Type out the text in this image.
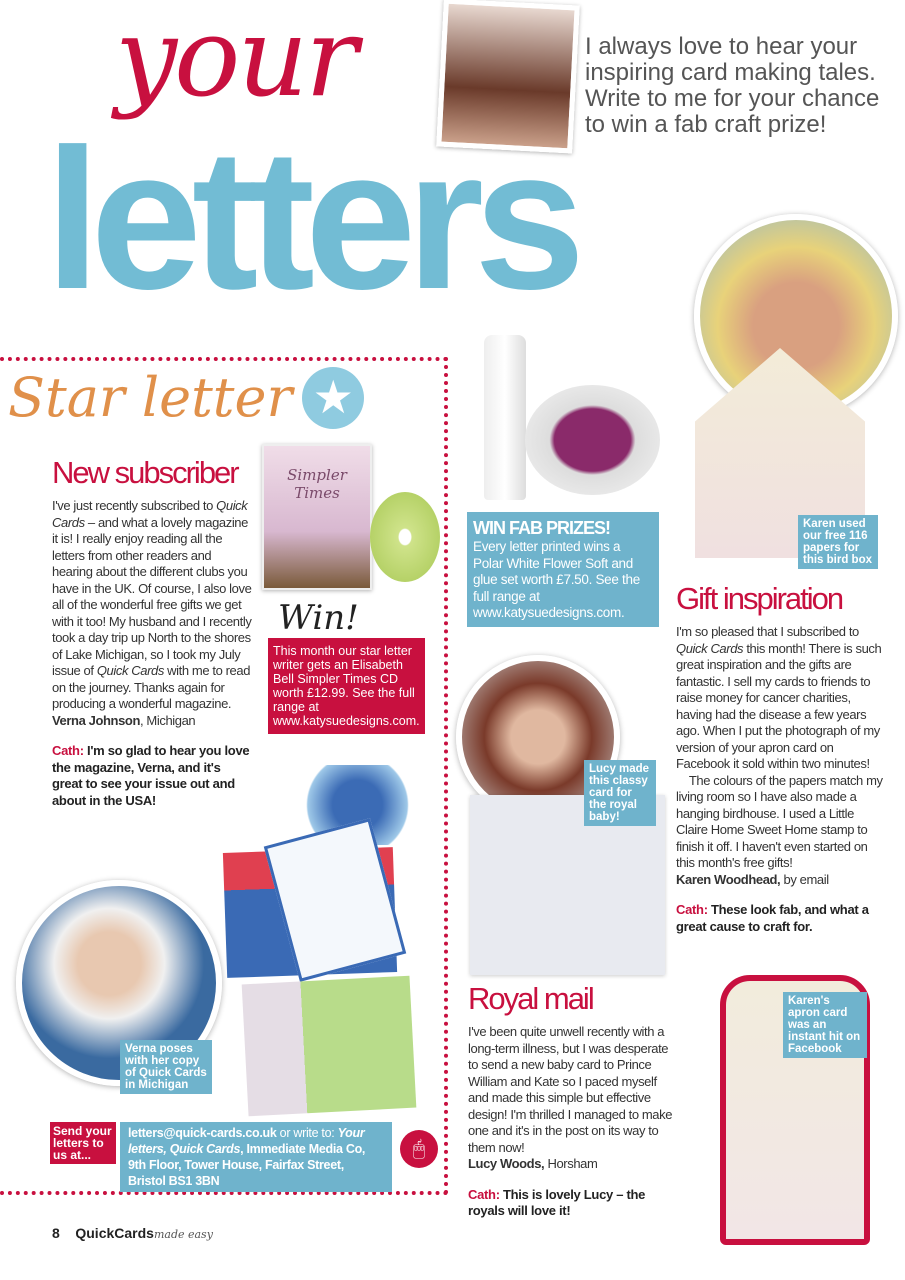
letters
your	I always love to hear your inspiring card making tales. Write to me for your chance to win a fab craft prize!
Star letter ★
New subscriber
I've just recently subscribed to Quick Cards – and what a lovely magazine it is! I really enjoy reading all the letters from other readers and hearing about the different clubs you have in the UK. Of course, I also love all of the wonderful free gifts we get with it too! My husband and I recently took a day trip up North to the shores of Lake Michigan, so I took my July issue of Quick Cards with me to read on the journey. Thanks again for producing a wonderful magazine.
Verna Johnson, Michigan
Cath: I'm so glad to hear you love the magazine, Verna, and it's great to see your issue out and about in the USA!
Simpler Times
This month our star letter writer gets an Elisabeth Bell Simpler Times CD worth £12.99. See the full range at www.katysuedesigns.com.
Win!
Verna poses with her copy of Quick Cards in Michigan
Send your letters to us at...
letters@quick-cards.co.uk or write to: Your letters, Quick Cards, Immediate Media Co, 9th Floor, Tower House, Fairfax Street, Bristol BS1 3BN
🖱
WIN FAB PRIZES!
Every letter printed wins a Polar White Flower Soft and glue set worth £7.50. See the full range at www.katysuedesigns.com.
Lucy made this classy card for the royal baby!
Royal mail
I've been quite unwell recently with a long-term illness, but I was desperate to send a new baby card to Prince William and Kate so I paced myself and made this simple but effective design! I'm thrilled I managed to make one and it's in the post on its way to them now!
Lucy Woods, Horsham
Cath: This is lovely Lucy – the royals will love it!
Karen used our free 116 papers for this bird box
Gift inspiration
I'm so pleased that I subscribed to Quick Cards this month! There is such great inspiration and the gifts are fantastic. I sell my cards to friends to raise money for cancer charities, having had the disease a few years ago. When I put the photograph of my version of your apron card on Facebook it sold within two minutes!
The colours of the papers match my living room so I have also made a hanging birdhouse. I used a Little Claire Home Sweet Home stamp to finish it off. I haven't even started on this month's free gifts!
Karen Woodhead, by email
Cath: These look fab, and what a great cause to craft for.
Karen's apron card was an instant hit on Facebook
8 QuickCardsmade easy
